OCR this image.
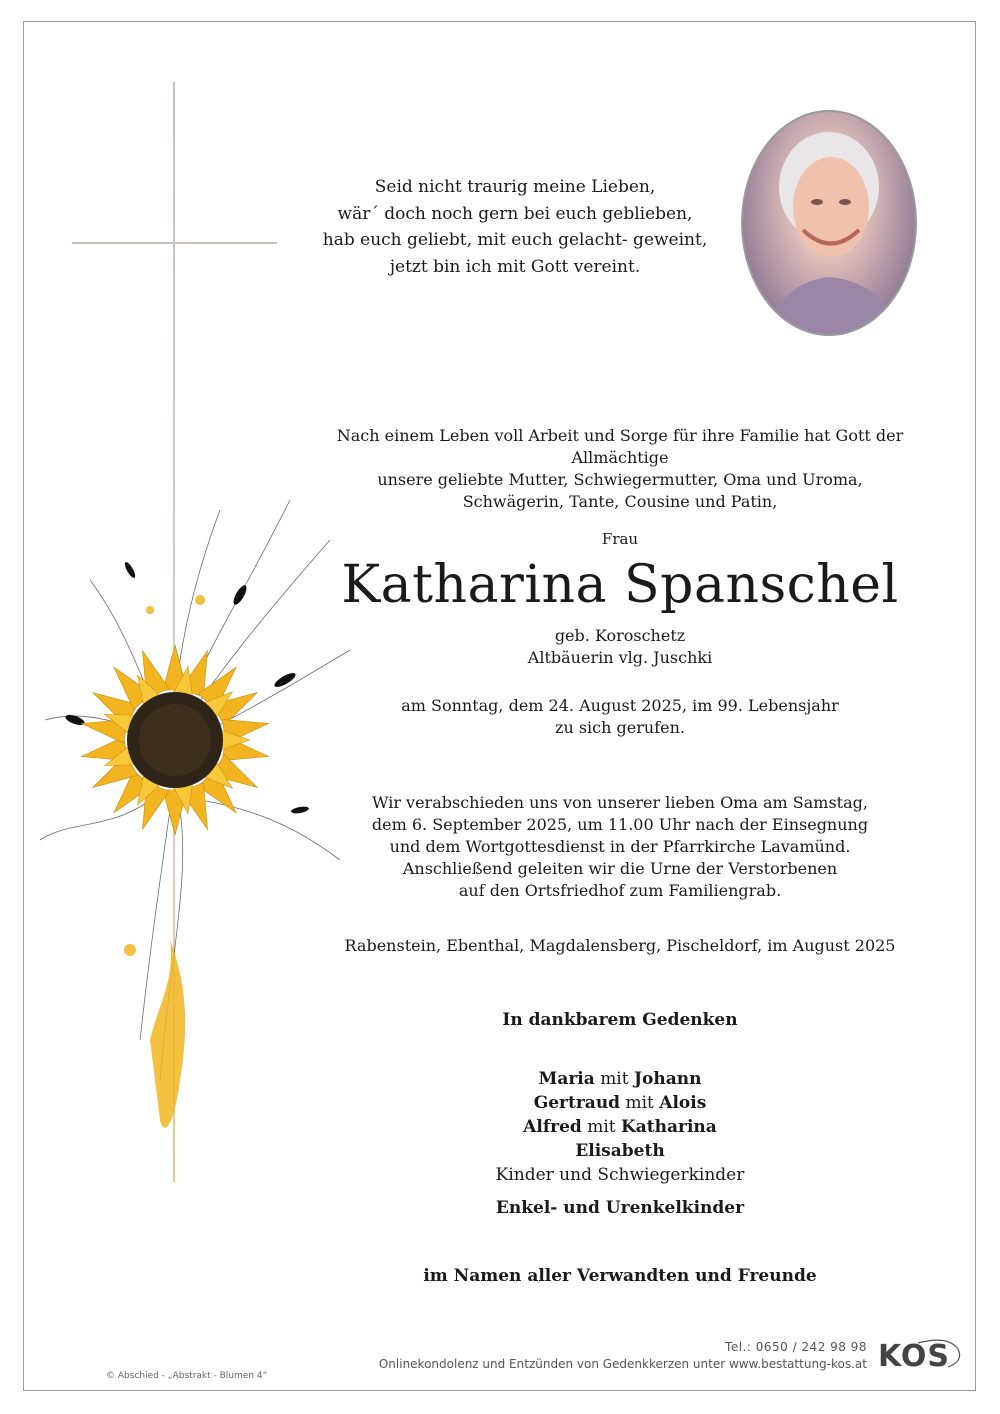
Seid nicht traurig meine Lieben,
wär´ doch noch gern bei euch geblieben,
hab euch geliebt, mit euch gelacht- geweint,
jetzt bin ich mit Gott vereint.
Nach einem Leben voll Arbeit und Sorge für ihre Familie hat Gott der Allmächtige
unsere geliebte Mutter, Schwiegermutter, Oma und Uroma,
Schwägerin, Tante, Cousine und Patin,
Frau
Katharina Spanschel
geb. Koroschetz
Altbäuerin vlg. Juschki
am Sonntag, dem 24. August 2025, im 99. Lebensjahr
zu sich gerufen.
Wir verabschieden uns von unserer lieben Oma am Samstag,
dem 6. September 2025, um 11.00 Uhr nach der Einsegnung
und dem Wortgottesdienst in der Pfarrkirche Lavamünd.
Anschließend geleiten wir die Urne der Verstorbenen
auf den Ortsfriedhof zum Familiengrab.
Rabenstein, Ebenthal, Magdalensberg, Pischeldorf, im August 2025
In dankbarem Gedenken
Maria mit Johann
Gertraud mit Alois
Alfred mit Katharina
Elisabeth
Kinder und Schwiegerkinder
Enkel- und Urenkelkinder
im Namen aller Verwandten und Freunde
Tel.: 0650 / 242 98 98
Onlinekondolenz und Entzünden von Gedenkkerzen unter www.bestattung-kos.at KOS
© Abschied - „Abstrakt - Blumen 4“
